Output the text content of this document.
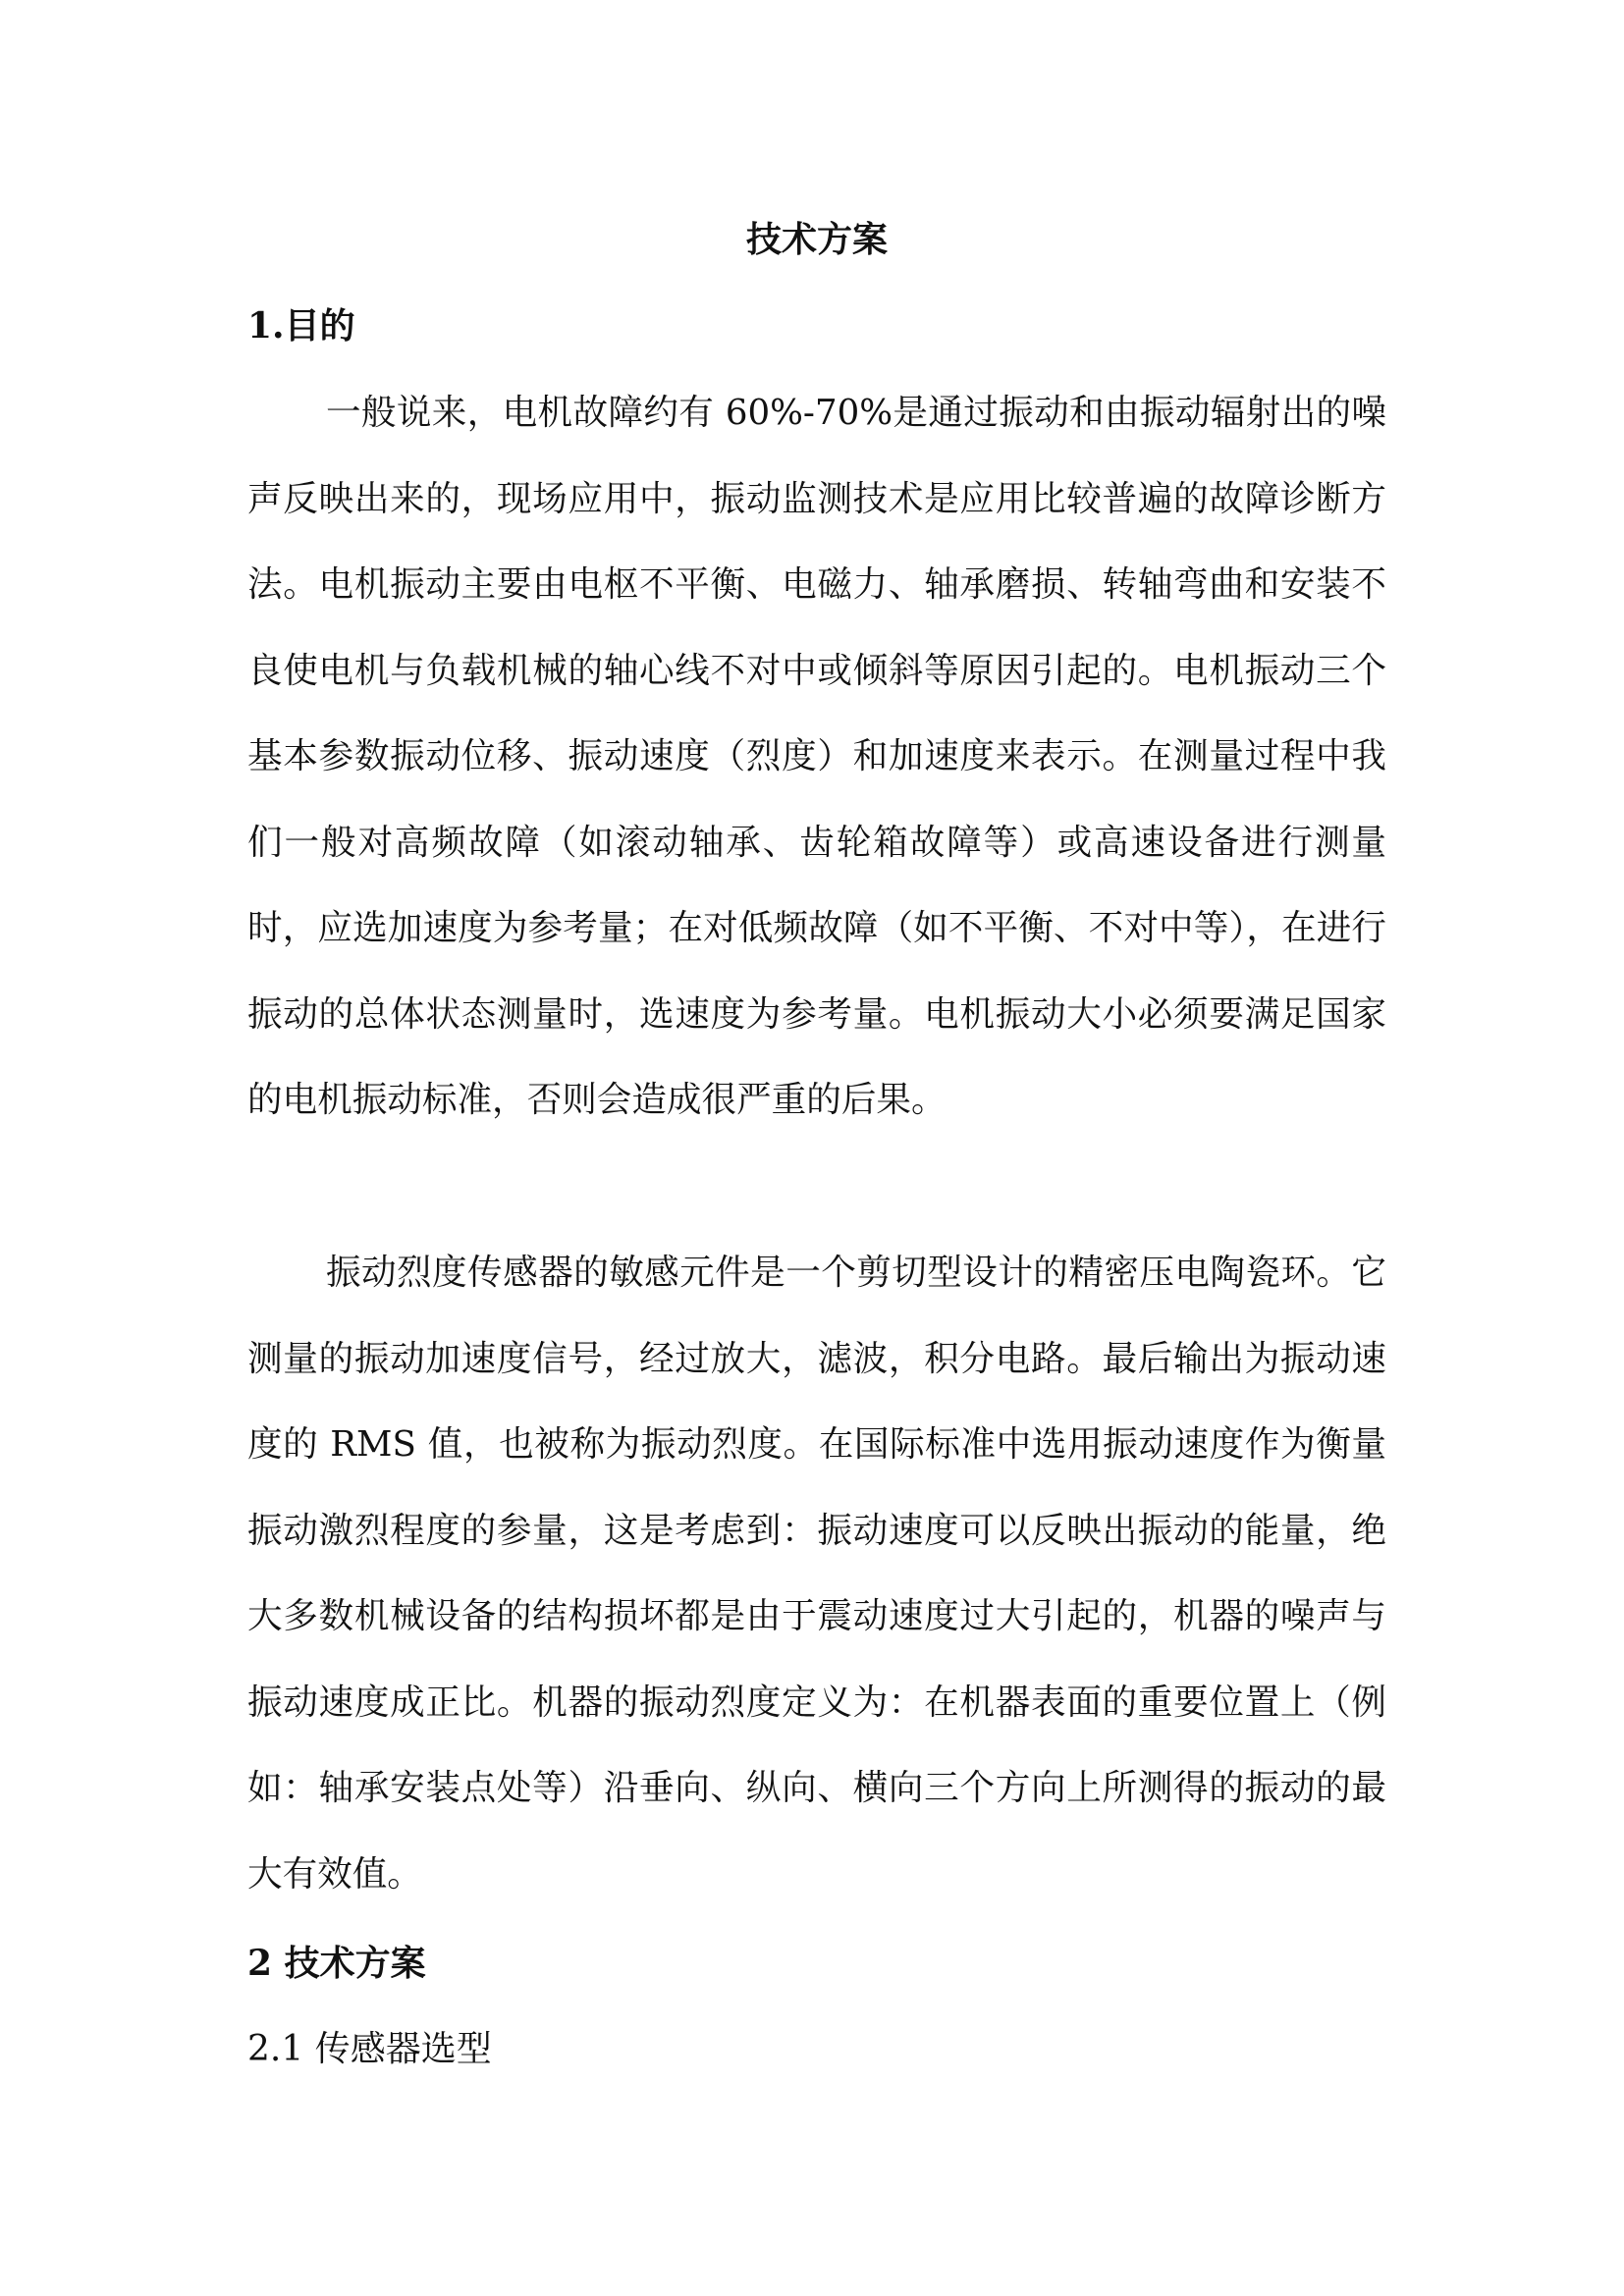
技术方案
1.目的

一般说来，电机故障约有 60%-70%是通过振动和由振动辐射出的噪声反映出来的，现场应用中，振动监测技术是应用比较普遍的故障诊断方法。电机振动主要由电枢不平衡、电磁力、轴承磨损、转轴弯曲和安装不良使电机与负载机械的轴心线不对中或倾斜等原因引起的。电机振动三个基本参数振动位移、振动速度（烈度）和加速度来表示。在测量过程中我们一般对高频故障（如滚动轴承、齿轮箱故障等）或高速设备进行测量时，应选加速度为参考量；在对低频故障（如不平衡、不对中等），在进行振动的总体状态测量时，选速度为参考量。电机振动大小必须要满足国家的电机振动标准，否则会造成很严重的后果。

振动烈度传感器的敏感元件是一个剪切型设计的精密压电陶瓷环。它测量的振动加速度信号，经过放大，滤波，积分电路。最后输出为振动速度的 RMS 值，也被称为振动烈度。在国际标准中选用振动速度作为衡量振动激烈程度的参量，这是考虑到：振动速度可以反映出振动的能量，绝大多数机械设备的结构损坏都是由于震动速度过大引起的，机器的噪声与振动速度成正比。机器的振动烈度定义为：在机器表面的重要位置上（例如：轴承安装点处等）沿垂向、纵向、横向三个方向上所测得的振动的最大有效值。

2 技术方案
2.1 传感器选型
